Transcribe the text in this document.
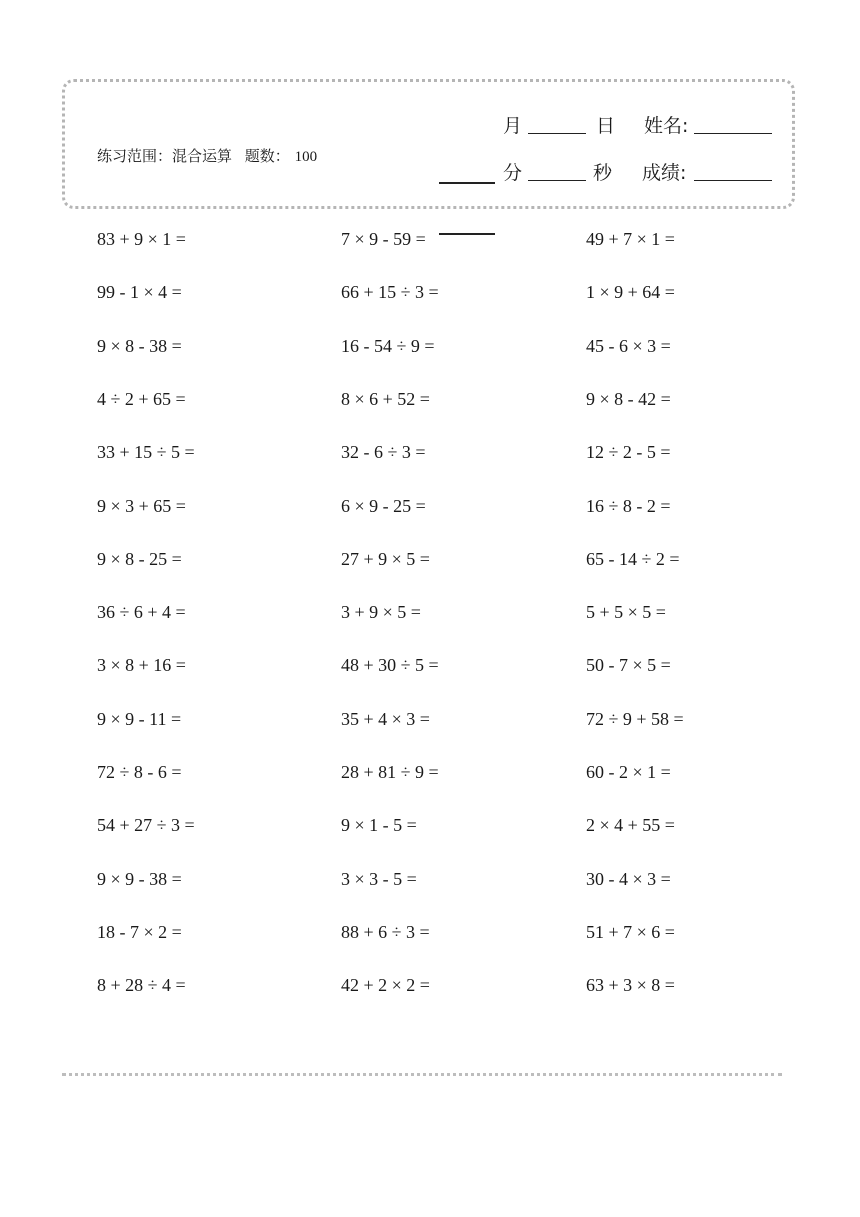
练习范围：混合运算 题数： 100
月	日 姓名:
分	秒 成绩:
83 + 9 × 1 =	7 × 9 - 59 =	49 + 7 × 1 =
99 - 1 × 4 =	66 + 15 ÷ 3 =	1 × 9 + 64 =
9 × 8 - 38 =	16 - 54 ÷ 9 =	45 - 6 × 3 =
4 ÷ 2 + 65 =	8 × 6 + 52 =	9 × 8 - 42 =
33 + 15 ÷ 5 =	32 - 6 ÷ 3 =	12 ÷ 2 - 5 =
9 × 3 + 65 =	6 × 9 - 25 =	16 ÷ 8 - 2 =
9 × 8 - 25 =	27 + 9 × 5 =	65 - 14 ÷ 2 =
36 ÷ 6 + 4 =	3 + 9 × 5 =	5 + 5 × 5 =
3 × 8 + 16 =	48 + 30 ÷ 5 =	50 - 7 × 5 =
9 × 9 - 11 =	35 + 4 × 3 =	72 ÷ 9 + 58 =
72 ÷ 8 - 6 =	28 + 81 ÷ 9 =	60 - 2 × 1 =
54 + 27 ÷ 3 =	9 × 1 - 5 =	2 × 4 + 55 =
9 × 9 - 38 =	3 × 3 - 5 =	30 - 4 × 3 =
18 - 7 × 2 =	88 + 6 ÷ 3 =	51 + 7 × 6 =
8 + 28 ÷ 4 =	42 + 2 × 2 =	63 + 3 × 8 =
